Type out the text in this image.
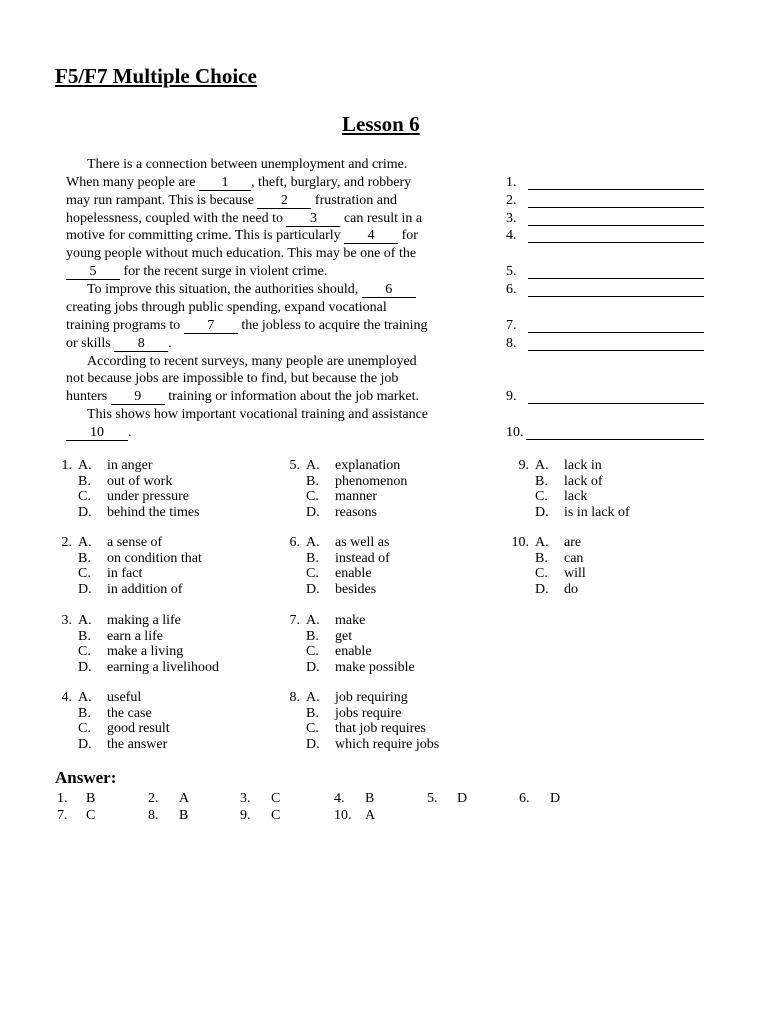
F5/F7 Multiple Choice
Lesson 6
There is a connection between unemployment and crime.
When many people are 1 , theft, burglary, and robbery
may run rampant. This is because 2 frustration and
hopelessness, coupled with the need to 3 can result in a
motive for committing crime. This is particularly 4 for
young people without much education. This may be one of the
5 for the recent surge in violent crime.
To improve this situation, the authorities should, 6
creating jobs through public spending, expand vocational
training programs to 7 the jobless to acquire the training
or skills 8 .
According to recent surveys, many people are unemployed
not because jobs are impossible to find, but because the job
hunters 9 training or information about the job market.
This shows how important vocational training and assistance
10 .
1.
2.
3.
4.
5.
6.
7.
8.
9.
10.
1. A. in anger
B. out of work
C. under pressure
D. behind the times
2. A. a sense of
B. on condition that
C. in fact
D. in addition of
3. A. making a life
B. earn a life
C. make a living
D. earning a livelihood
4. A. useful
B. the case
C. good result
D. the answer
5. A. explanation
B. phenomenon
C. manner
D. reasons
6. A. as well as
B. instead of
C. enable
D. besides
7. A. make
B. get
C. enable
D. make possible
8. A. job requiring
B. jobs require
C. that job requires
D. which require jobs
9. A. lack in
B. lack of
C. lack
D. is in lack of
10. A. are
B. can
C. will
D. do
Answer:
1. B	2. A	3. C	4. B	5. D	6. D
7. C	8. B	9. C	10. A
